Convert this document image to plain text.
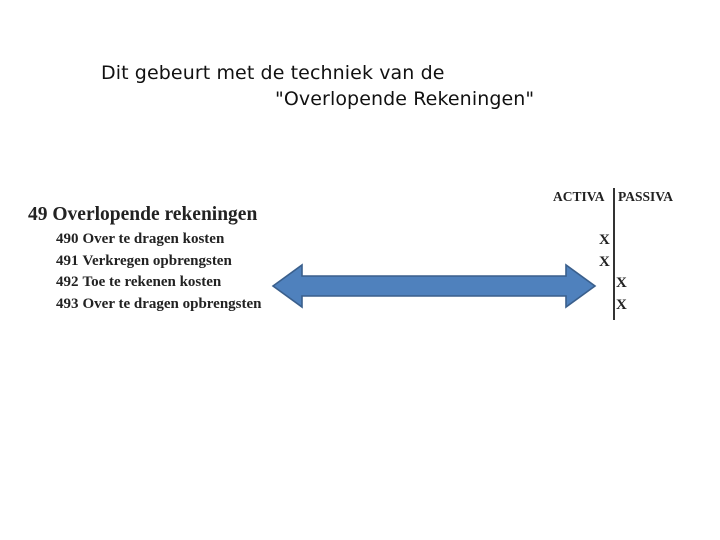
Dit gebeurt met de techniek van de
"Overlopende Rekeningen"
ACTIVA PASSIVA
49 Overlopende rekeningen
490 Over te dragen kosten
491 Verkregen opbrengsten
492 Toe te rekenen kosten
493 Over te dragen opbrengsten
X
X
X
X
